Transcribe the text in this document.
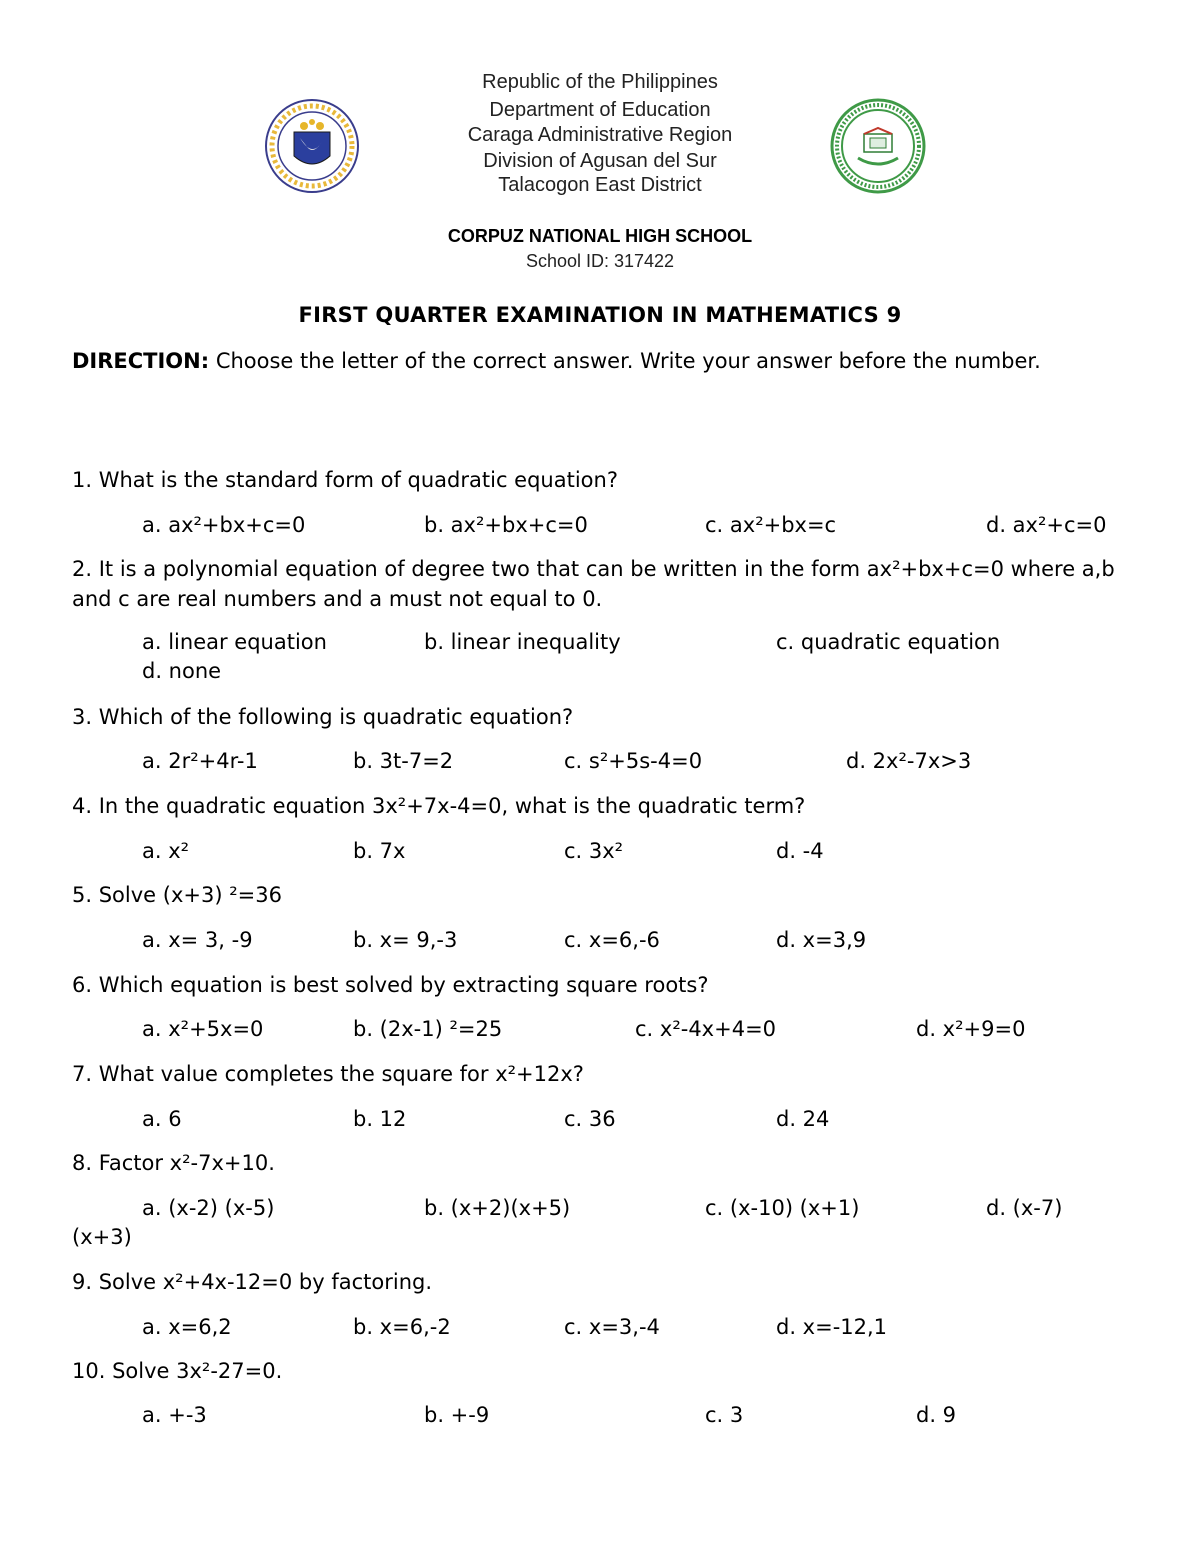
Republic of the Philippines
Department of Education
Caraga Administrative Region
Division of Agusan del Sur
Talacogon East District
CORPUZ NATIONAL HIGH SCHOOL
School ID: 317422
FIRST QUARTER EXAMINATION IN MATHEMATICS 9
DIRECTION: Choose the letter of the correct answer. Write your answer before the number.
1. What is the standard form of quadratic equation?
a. ax²+bx+c=0	b. ax²+bx+c=0	c. ax²+bx=c	d. ax²+c=0
2. It is a polynomial equation of degree two that can be written in the form ax²+bx+c=0 where a,b and c are real numbers and a must not equal to 0.
a. linear equation	b. linear inequality	c. quadratic equation
d. none
3. Which of the following is quadratic equation?
a. 2r²+4r-1	b. 3t-7=2	c. s²+5s-4=0	d. 2x²-7x>3
4. In the quadratic equation 3x²+7x-4=0, what is the quadratic term?
a. x²	b. 7x	c. 3x²	d. -4
5. Solve (x+3) ²=36
a. x= 3, -9	b. x= 9,-3	c. x=6,-6	d. x=3,9
6. Which equation is best solved by extracting square roots?
a. x²+5x=0	b. (2x-1) ²=25	c. x²-4x+4=0	d. x²+9=0
7. What value completes the square for x²+12x?
a. 6	b. 12	c. 36	d. 24
8. Factor x²-7x+10.
a. (x-2) (x-5)	b. (x+2)(x+5)	c. (x-10) (x+1)	d. (x-7)
(x+3)
9. Solve x²+4x-12=0 by factoring.
a. x=6,2	b. x=6,-2	c. x=3,-4	d. x=-12,1
10. Solve 3x²-27=0.
a. +-3	b. +-9	c. 3	d. 9
